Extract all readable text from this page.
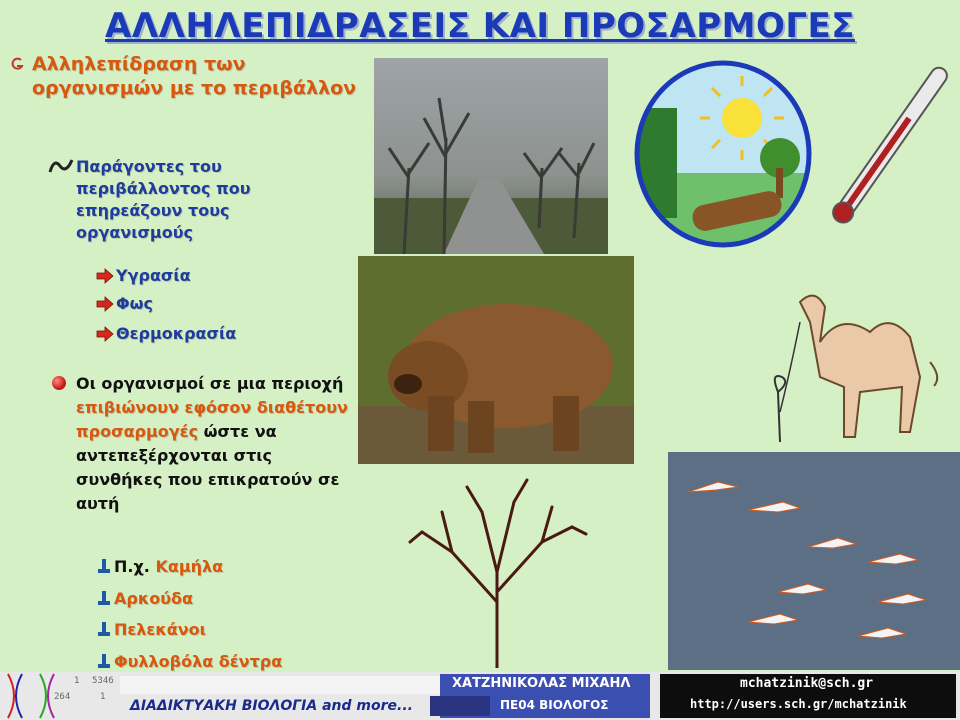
ΑΛΛΗΛΕΠΙΔΡΑΣΕΙΣ ΚΑΙ ΠΡΟΣΑΡΜΟΓΕΣ
Αλληλεπίδραση των οργανισμών με το περιβάλλον
Παράγοντες του περιβάλλοντος που επηρεάζουν τους οργανισμούς
Υγρασία
Φως
Θερμοκρασία
Οι οργανισμοί σε μια περιοχή επιβιώνουν εφόσον διαθέτουν προσαρμογές ώστε να αντεπεξέρχονται στις συνθήκες που επικρατούν σε αυτή
Π.χ. Καμήλα
Αρκούδα
Πελεκάνοι
Φυλλοβόλα δέντρα
5346
264
1
1
ΔΙΑΔΙΚΤΥΑΚΗ ΒΙΟΛΟΓΙΑ and more...
ΧΑΤΖΗΝΙΚΟΛΑΣ ΜΙΧΑΗΛ
ΠΕ04 ΒΙΟΛΟΓΟΣ
mchatzinik@sch.gr
http://users.sch.gr/mchatzinik
